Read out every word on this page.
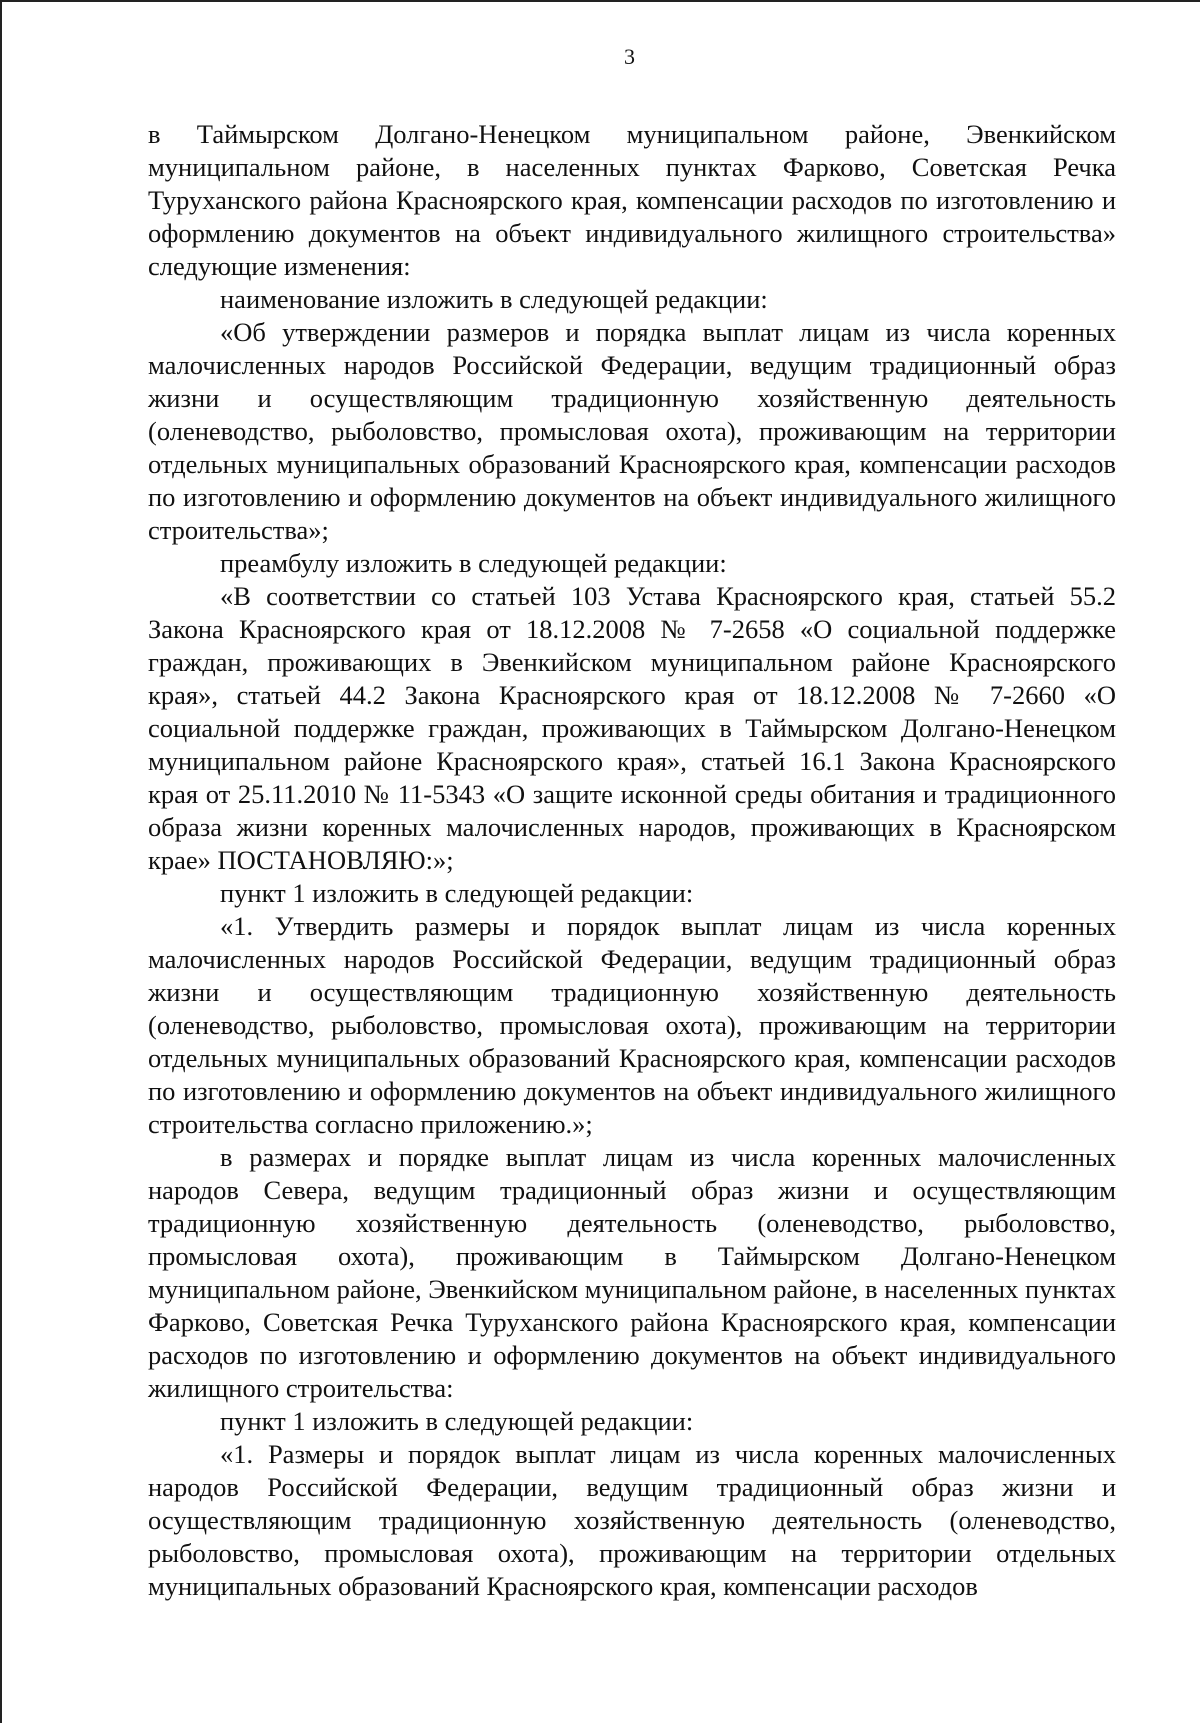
3

в Таймырском Долгано-Ненецком муниципальном районе, Эвенкийском муниципальном районе, в населенных пунктах Фарково, Советская Речка Туруханского района Красноярского края, компенсации расходов по изготовлению и оформлению документов на объект индивидуального жилищного строительства» следующие изменения:

наименование изложить в следующей редакции:

«Об утверждении размеров и порядка выплат лицам из числа коренных малочисленных народов Российской Федерации, ведущим традиционный образ жизни и осуществляющим традиционную хозяйственную деятельность (оленеводство, рыболовство, промысловая охота), проживающим на территории отдельных муниципальных образований Красноярского края, компенсации расходов по изготовлению и оформлению документов на объект индивидуального жилищного строительства»;

преамбулу изложить в следующей редакции:

«В соответствии со статьей 103 Устава Красноярского края, статьей 55.2 Закона Красноярского края от 18.12.2008 № 7-2658 «О социальной поддержке граждан, проживающих в Эвенкийском муниципальном районе Красноярского края», статьей 44.2 Закона Красноярского края от 18.12.2008 № 7-2660 «О социальной поддержке граждан, проживающих в Таймырском Долгано-Ненецком муниципальном районе Красноярского края», статьей 16.1 Закона Красноярского края от 25.11.2010 № 11-5343 «О защите исконной среды обитания и традиционного образа жизни коренных малочисленных народов, проживающих в Красноярском крае» ПОСТАНОВЛЯЮ:»;

пункт 1 изложить в следующей редакции:

«1. Утвердить размеры и порядок выплат лицам из числа коренных малочисленных народов Российской Федерации, ведущим традиционный образ жизни и осуществляющим традиционную хозяйственную деятельность (оленеводство, рыболовство, промысловая охота), проживающим на территории отдельных муниципальных образований Красноярского края, компенсации расходов по изготовлению и оформлению документов на объект индивидуального жилищного строительства согласно приложению.»;

в размерах и порядке выплат лицам из числа коренных малочисленных народов Севера, ведущим традиционный образ жизни и осуществляющим традиционную хозяйственную деятельность (оленеводство, рыболовство, промысловая охота), проживающим в Таймырском Долгано-Ненецком муниципальном районе, Эвенкийском муниципальном районе, в населенных пунктах Фарково, Советская Речка Туруханского района Красноярского края, компенсации расходов по изготовлению и оформлению документов на объект индивидуального жилищного строительства:

пункт 1 изложить в следующей редакции:

«1. Размеры и порядок выплат лицам из числа коренных малочисленных народов Российской Федерации, ведущим традиционный образ жизни и осуществляющим традиционную хозяйственную деятельность (оленеводство, рыболовство, промысловая охота), проживающим на территории отдельных муниципальных образований Красноярского края, компенсации расходов
